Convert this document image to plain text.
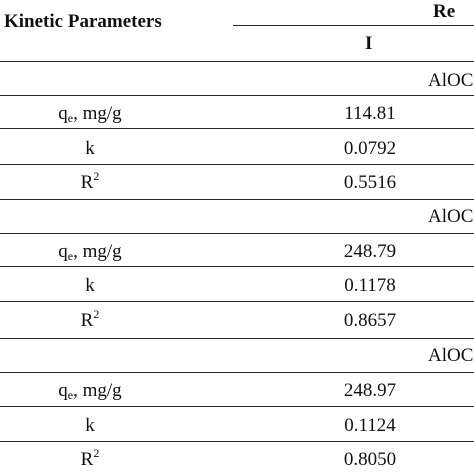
Kinetic Parameters	Re
I
AlOC
$q_e$, mg/g	114.81
k	0.0792
$R^2$	0.5516
AlOC
$q_e$, mg/g	248.79
k	0.1178
$R^2$	0.8657
AlOC
$q_e$, mg/g	248.97
k	0.1124
$R^2$	0.8050
